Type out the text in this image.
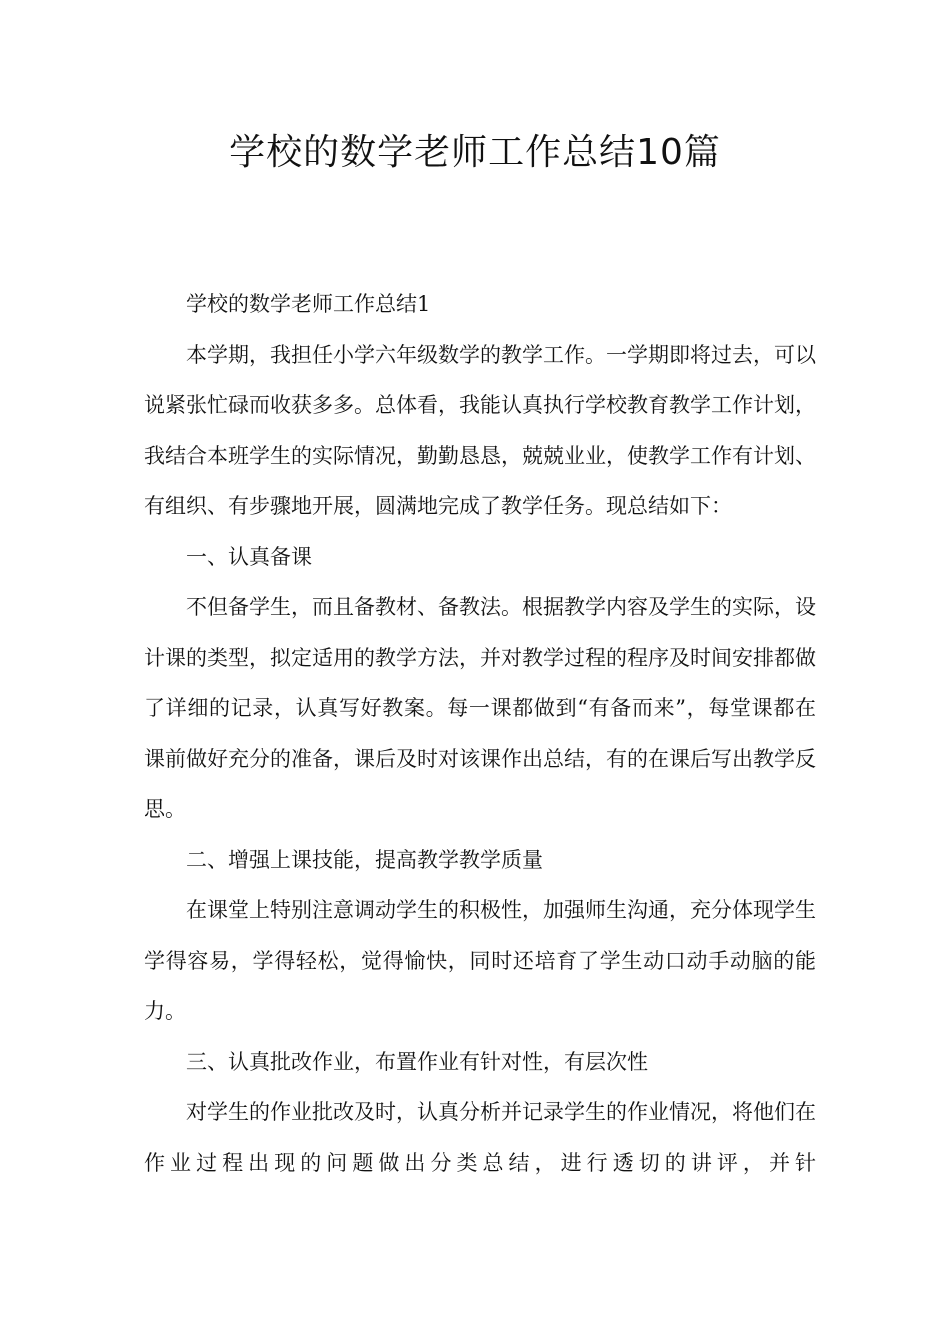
学校的数学老师工作总结10篇

学校的数学老师工作总结1

本学期，我担任小学六年级数学的教学工作。一学期即将过去，可以说紧张忙碌而收获多多。总体看，我能认真执行学校教育教学工作计划，我结合本班学生的实际情况，勤勤恳恳，兢兢业业，使教学工作有计划、有组织、有步骤地开展，圆满地完成了教学任务。现总结如下：

一、认真备课

不但备学生，而且备教材、备教法。根据教学内容及学生的实际，设计课的类型，拟定适用的教学方法，并对教学过程的程序及时间安排都做了详细的记录，认真写好教案。每一课都做到“有备而来”，每堂课都在课前做好充分的准备，课后及时对该课作出总结，有的在课后写出教学反思。

二、增强上课技能，提高教学教学质量

在课堂上特别注意调动学生的积极性，加强师生沟通，充分体现学生学得容易，学得轻松，觉得愉快，同时还培育了学生动口动手动脑的能力。

三、认真批改作业，布置作业有针对性，有层次性

对学生的作业批改及时，认真分析并记录学生的作业情况，将他们在作业过程出现的问题做出分类总结，进行透切的讲评，并针
